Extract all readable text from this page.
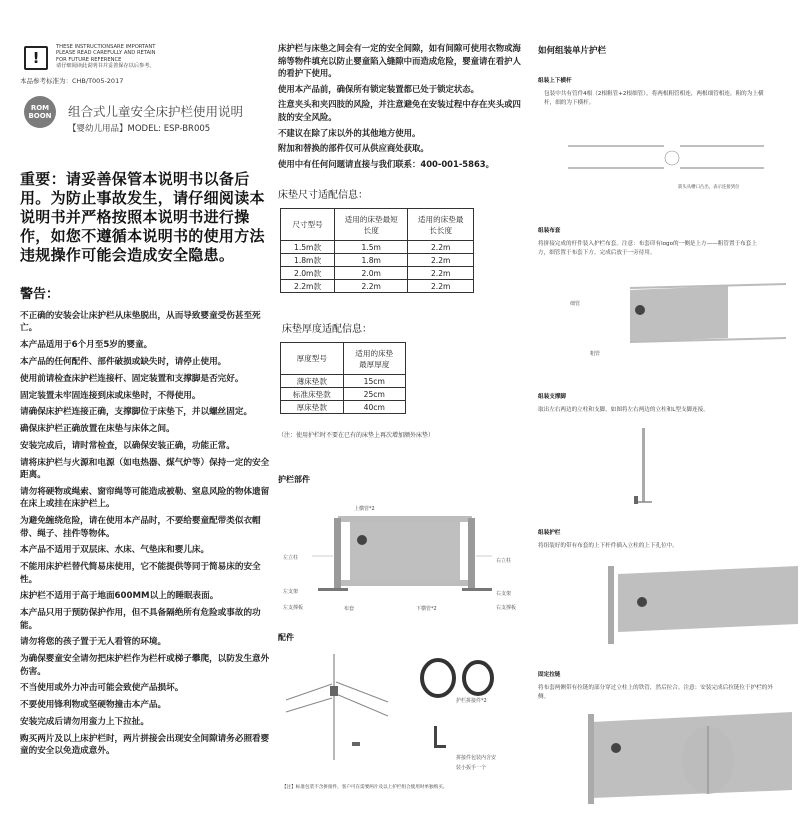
!
THESE INSTRUCTIONSARE IMPORTANT
PLEASE READ CAREFULLY AND RETAIN
FOR FUTURE REFERENCE
请仔细阅读此说明书并妥善保存以后参考。
本品参考标准为：CHB/T005-2017
ROM
BOON	组合式儿童安全床护栏使用说明
【婴幼儿用品】MODEL: ESP-BR005
重要：请妥善保管本说明书以备后用。为防止事故发生，请仔细阅读本说明书并严格按照本说明书进行操作，如您不遵循本说明书的使用方法违规操作可能会造成安全隐患。
警告：

不正确的安装会让床护栏从床垫脱出，从而导致婴童受伤甚至死亡。

本产品适用于6个月至5岁的婴童。

本产品的任何配件、部件破损或缺失时，请停止使用。

使用前请检查床护栏连接杆、固定装置和支撑脚是否完好。

固定装置未牢固连接到床或床垫时，不得使用。

请确保床护栏连接正确，支撑脚位于床垫下，并以螺丝固定。

确保床护栏正确放置在床垫与床体之间。

安装完成后，请时常检查，以确保安装正确，功能正常。

请将床护栏与火源和电源（如电热器、煤气炉等）保持一定的安全距离。

请勿将硬物或绳索、窗帘绳等可能造成被勒、窒息风险的物体遗留在床上或挂在床护栏上。

为避免缠绕危险，请在使用本产品时，不要给婴童配带类似衣帽带、绳子、挂件等物体。

本产品不适用于双层床、水床、气垫床和婴儿床。

不能用床护栏替代简易床使用，它不能提供等同于简易床的安全性。

床护栏不适用于高于地面600MM以上的睡眠表面。

本产品只用于预防保护作用，但不具备隔绝所有危险或事故的功能。

请勿将您的孩子置于无人看管的环境。

为确保婴童安全请勿把床护栏作为栏杆或梯子攀爬，以防发生意外伤害。

不当使用或外力冲击可能会致使产品损坏。

不要使用锋利物或坚硬物撞击本产品。

安装完成后请勿用蛮力上下拉扯。

购买两片及以上床护栏时，两片拼接会出现安全间隙请务必照看婴童的安全以免造成意外。

床护栏与床垫之间会有一定的安全间隙，如有间隙可使用衣物或海绵等物件填充以防止婴童陷入缝隙中而造成危险，婴童请在看护人的看护下使用。

使用本产品前，确保所有锁定装置都已处于锁定状态。

注意夹头和夹四肢的风险，并注意避免在安装过程中存在夹头或四肢的安全风险。

不建议在除了床以外的其他地方使用。

附加和替换的部件仅可从供应商处获取。

使用中有任何问题请直接与我们联系：400-001-5863。

床垫尺寸适配信息：
尺寸型号	适用的床垫最短长度	适用的床垫最长长度
1.5m款	1.5m	2.2m
1.8m款	1.8m	2.2m
2.0m款	2.0m	2.2m
2.2m款	2.2m	2.2m
床垫厚度适配信息：
厚度型号	适用的床垫最厚厚度
薄床垫款	15cm
标准床垫款	25cm
厚床垫款	40cm
（注：使用护栏时不要在已有的床垫上再次增加额外床垫）
护栏部件
上横管*2
左立柱	右立柱
左支架	右支架
左支撑板	布套	下横管*2	右支撑板
配件
护栏拼接件*2
拼接件包装内含安
装小扳手一个
【注】标准包装不含拼接件，客户可在需要两片及以上护栏组合使用时单独购买。
如何组装单片护栏
组装上下横杆
包装中共有管件4根（2根粗管+2根细管），将两根粗管相连，两根细管相连，粗的为上横杆，细的为下横杆。
箭头从槽口凸出，表示连接到位
组装布套
将拼接完成的杆件装入护栏布套。注意：布套印有logo的一侧是上方——粗管置于布套上方，细管置于布套下方。完成后放于一旁待用。
细管
粗管
组装支撑脚
取出左右两边的立柱和支脚，如图将左右两边的立柱和L型支脚连接。
组装护栏
将组装好的带有布套的上下杆件插入立柱的上下孔位中。
固定拉链
将布套两侧带有拉链的部分穿过立柱上的铁管，然后拉合。注意：安装完成后拉链位于护栏的外侧。
